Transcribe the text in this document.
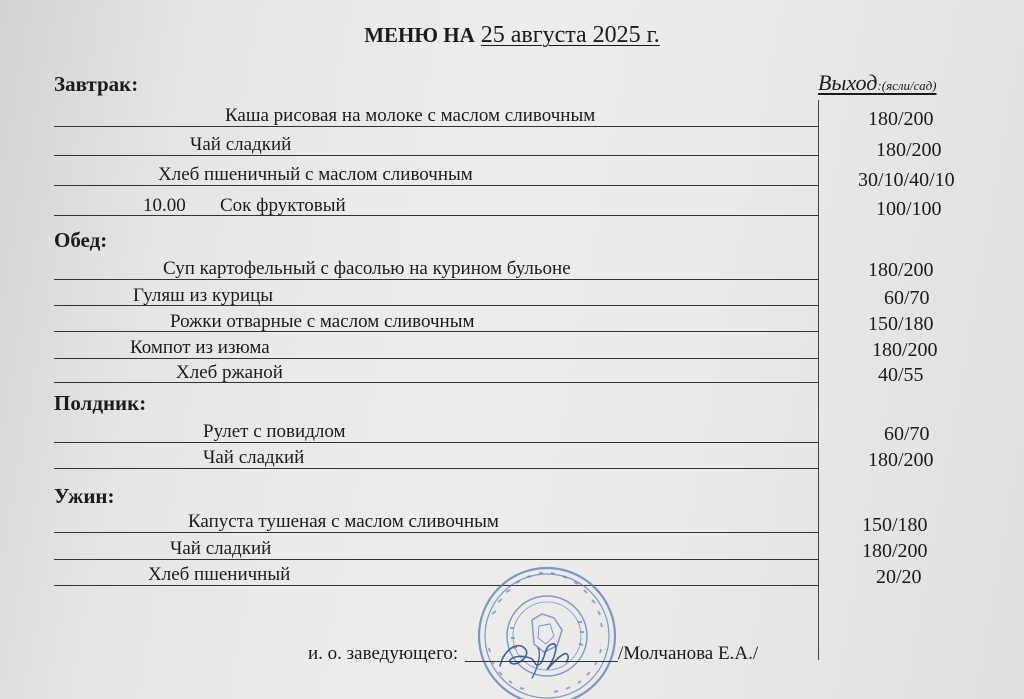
МЕНЮ НА 25 августа 2025 г.
Выход:(ясли/сад)
Завтрак:
Каша рисовая на молоке с маслом сливочным	180/200
Чай сладкий	180/200
Хлеб пшеничный с маслом сливочным	30/10/40/10
10.00 Сок фруктовый	100/100
Обед:
Суп картофельный с фасолью на курином бульоне	180/200
Гуляш из курицы	60/70
Рожки отварные с маслом сливочным	150/180
Компот из изюма	180/200
Хлеб ржаной	40/55
Полдник:
Рулет с повидлом	60/70
Чай сладкий	180/200
Ужин:
Капуста тушеная с маслом сливочным	150/180
Чай сладкий	180/200
Хлеб пшеничный	20/20
и. о. заведующего:	/Молчанова Е.А./
